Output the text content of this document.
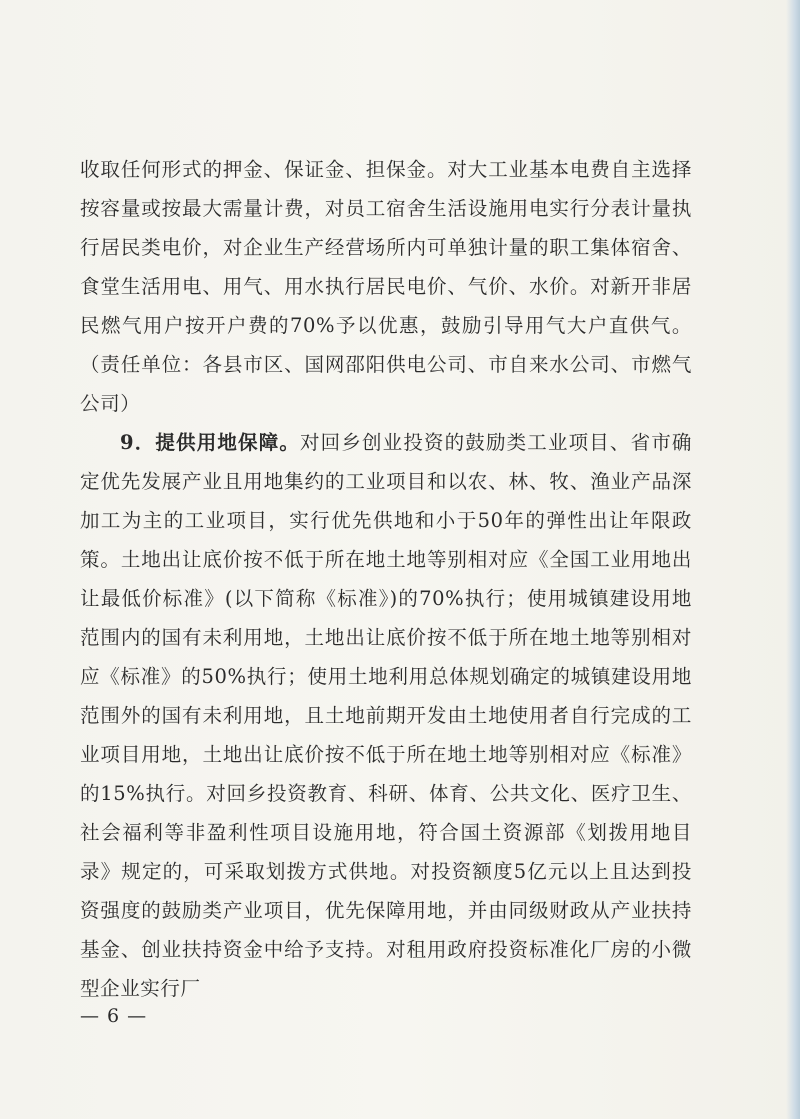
收取任何形式的押金、保证金、担保金。对大工业基本电费自主选择按容量或按最大需量计费，对员工宿舍生活设施用电实行分表计量执行居民类电价，对企业生产经营场所内可单独计量的职工集体宿舍、食堂生活用电、用气、用水执行居民电价、气价、水价。对新开非居民燃气用户按开户费的70%予以优惠，鼓励引导用气大户直供气。（责任单位：各县市区、国网邵阳供电公司、市自来水公司、市燃气公司）

9．提供用地保障。对回乡创业投资的鼓励类工业项目、省市确定优先发展产业且用地集约的工业项目和以农、林、牧、渔业产品深加工为主的工业项目，实行优先供地和小于50年的弹性出让年限政策。土地出让底价按不低于所在地土地等别相对应《全国工业用地出让最低价标准》(以下简称《标准》)的70%执行；使用城镇建设用地范围内的国有未利用地，土地出让底价按不低于所在地土地等别相对应《标准》的50%执行；使用土地利用总体规划确定的城镇建设用地范围外的国有未利用地，且土地前期开发由土地使用者自行完成的工业项目用地，土地出让底价按不低于所在地土地等别相对应《标准》的15%执行。对回乡投资教育、科研、体育、公共文化、医疗卫生、社会福利等非盈利性项目设施用地，符合国土资源部《划拨用地目录》规定的，可采取划拨方式供地。对投资额度5亿元以上且达到投资强度的鼓励类产业项目，优先保障用地，并由同级财政从产业扶持基金、创业扶持资金中给予支持。对租用政府投资标准化厂房的小微型企业实行厂

— 6 —
